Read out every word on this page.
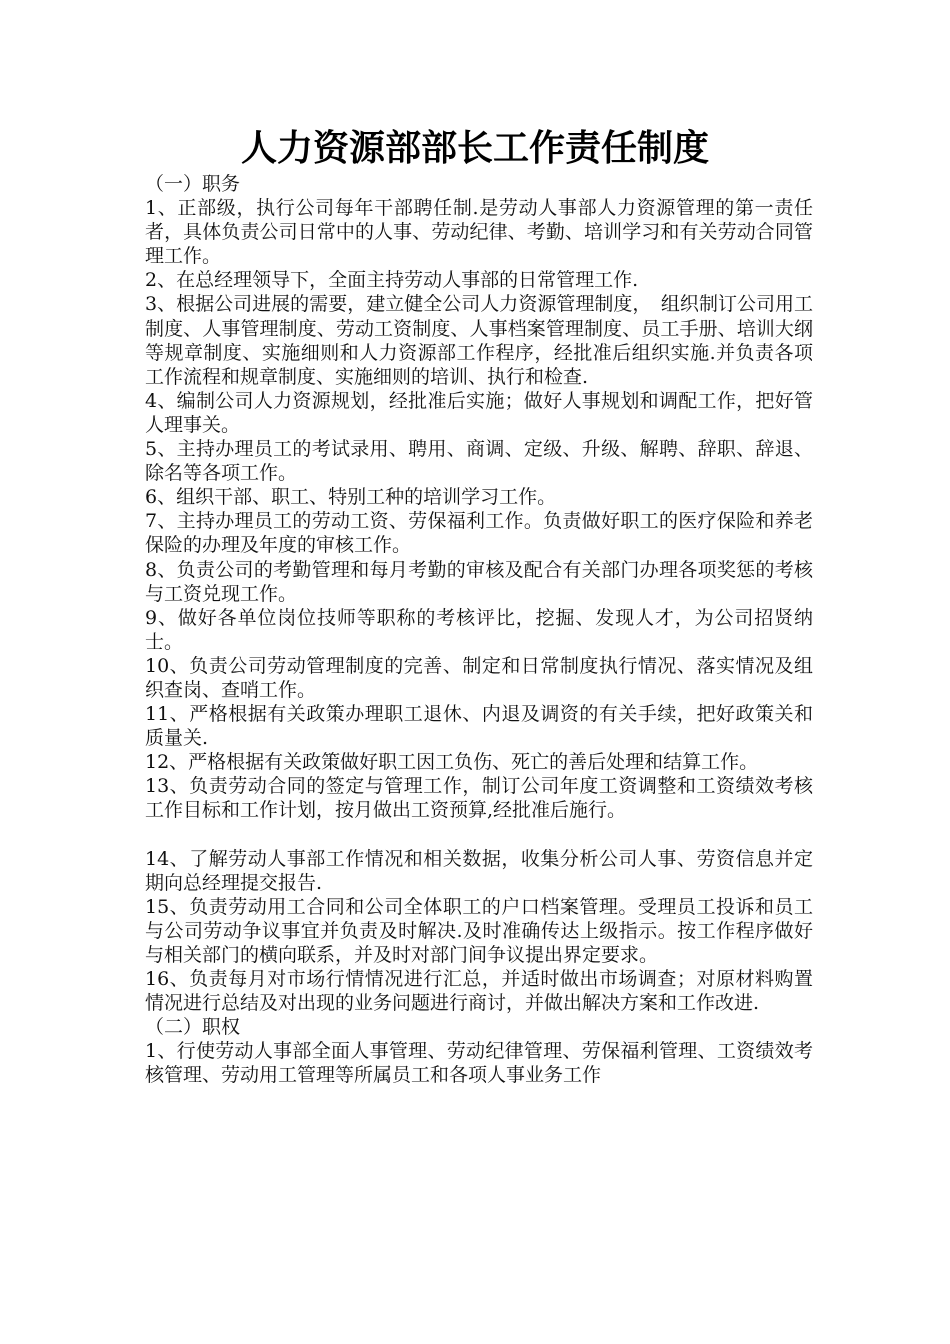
人力资源部部长工作责任制度

（一）职务

1、正部级，执行公司每年干部聘任制.是劳动人事部人力资源管理的第一责任者，具体负责公司日常中的人事、劳动纪律、考勤、培训学习和有关劳动合同管理工作。

2、在总经理领导下，全面主持劳动人事部的日常管理工作.

3、根据公司进展的需要，建立健全公司人力资源管理制度，　组织制订公司用工制度、人事管理制度、劳动工资制度、人事档案管理制度、员工手册、培训大纲等规章制度、实施细则和人力资源部工作程序，经批准后组织实施.并负责各项工作流程和规章制度、实施细则的培训、执行和检查.

4、编制公司人力资源规划，经批准后实施；做好人事规划和调配工作，把好管人理事关。

5、主持办理员工的考试录用、聘用、商调、定级、升级、解聘、辞职、辞退、除名等各项工作。

6、组织干部、职工、特别工种的培训学习工作。

7、主持办理员工的劳动工资、劳保福利工作。负责做好职工的医疗保险和养老保险的办理及年度的审核工作。

8、负责公司的考勤管理和每月考勤的审核及配合有关部门办理各项奖惩的考核与工资兑现工作。

9、做好各单位岗位技师等职称的考核评比，挖掘、发现人才，为公司招贤纳士。

10、负责公司劳动管理制度的完善、制定和日常制度执行情况、落实情况及组织查岗、查哨工作。

11、严格根据有关政策办理职工退休、内退及调资的有关手续，把好政策关和质量关.

12、严格根据有关政策做好职工因工负伤、死亡的善后处理和结算工作。

13、负责劳动合同的签定与管理工作，制订公司年度工资调整和工资绩效考核工作目标和工作计划，按月做出工资预算,经批准后施行。

14、了解劳动人事部工作情况和相关数据，收集分析公司人事、劳资信息并定期向总经理提交报告.

15、负责劳动用工合同和公司全体职工的户口档案管理。受理员工投诉和员工与公司劳动争议事宜并负责及时解决.及时准确传达上级指示。按工作程序做好与相关部门的横向联系，并及时对部门间争议提出界定要求。

16、负责每月对市场行情情况进行汇总，并适时做出市场调查；对原材料购置情况进行总结及对出现的业务问题进行商讨，并做出解决方案和工作改进.

（二）职权

1、行使劳动人事部全面人事管理、劳动纪律管理、劳保福利管理、工资绩效考核管理、劳动用工管理等所属员工和各项人事业务工作
